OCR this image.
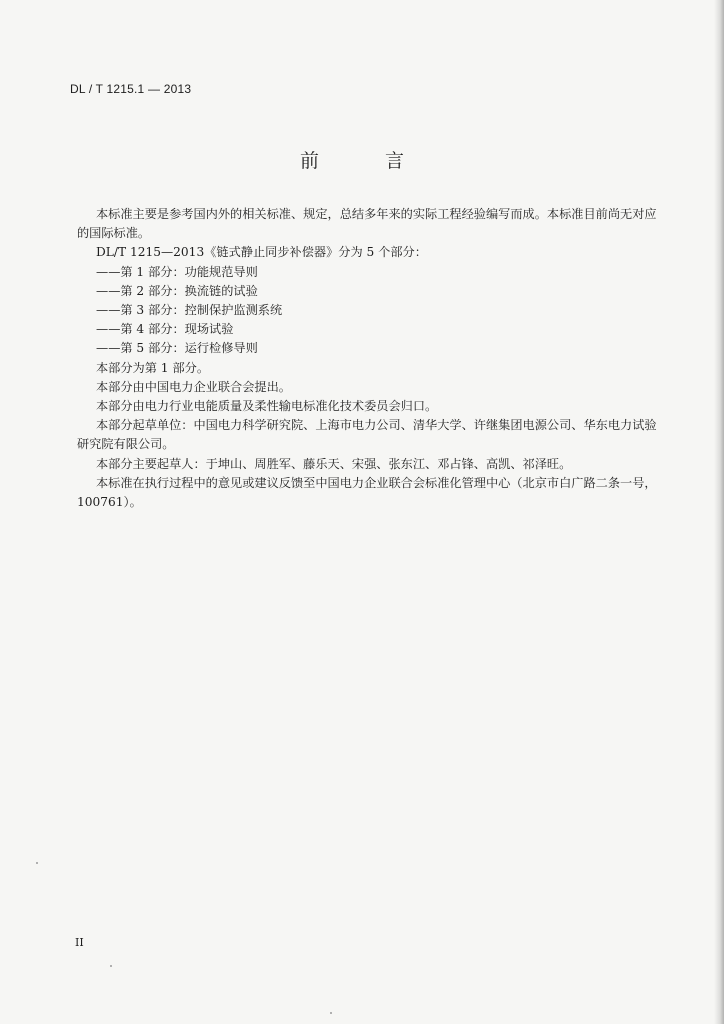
DL / T 1215.1 — 2013
前 言

本标准主要是参考国内外的相关标准、规定，总结多年来的实际工程经验编写而成。本标准目前尚无对应的国际标准。

DL/T 1215—2013《链式静止同步补偿器》分为 5 个部分：

——第 1 部分：功能规范导则

——第 2 部分：换流链的试验

——第 3 部分：控制保护监测系统

——第 4 部分：现场试验

——第 5 部分：运行检修导则

本部分为第 1 部分。

本部分由中国电力企业联合会提出。

本部分由电力行业电能质量及柔性输电标准化技术委员会归口。

本部分起草单位：中国电力科学研究院、上海市电力公司、清华大学、许继集团电源公司、华东电力试验研究院有限公司。

本部分主要起草人：于坤山、周胜军、藤乐天、宋强、张东江、邓占锋、高凯、祁泽旺。

本标准在执行过程中的意见或建议反馈至中国电力企业联合会标准化管理中心（北京市白广路二条一号，100761）。

II
